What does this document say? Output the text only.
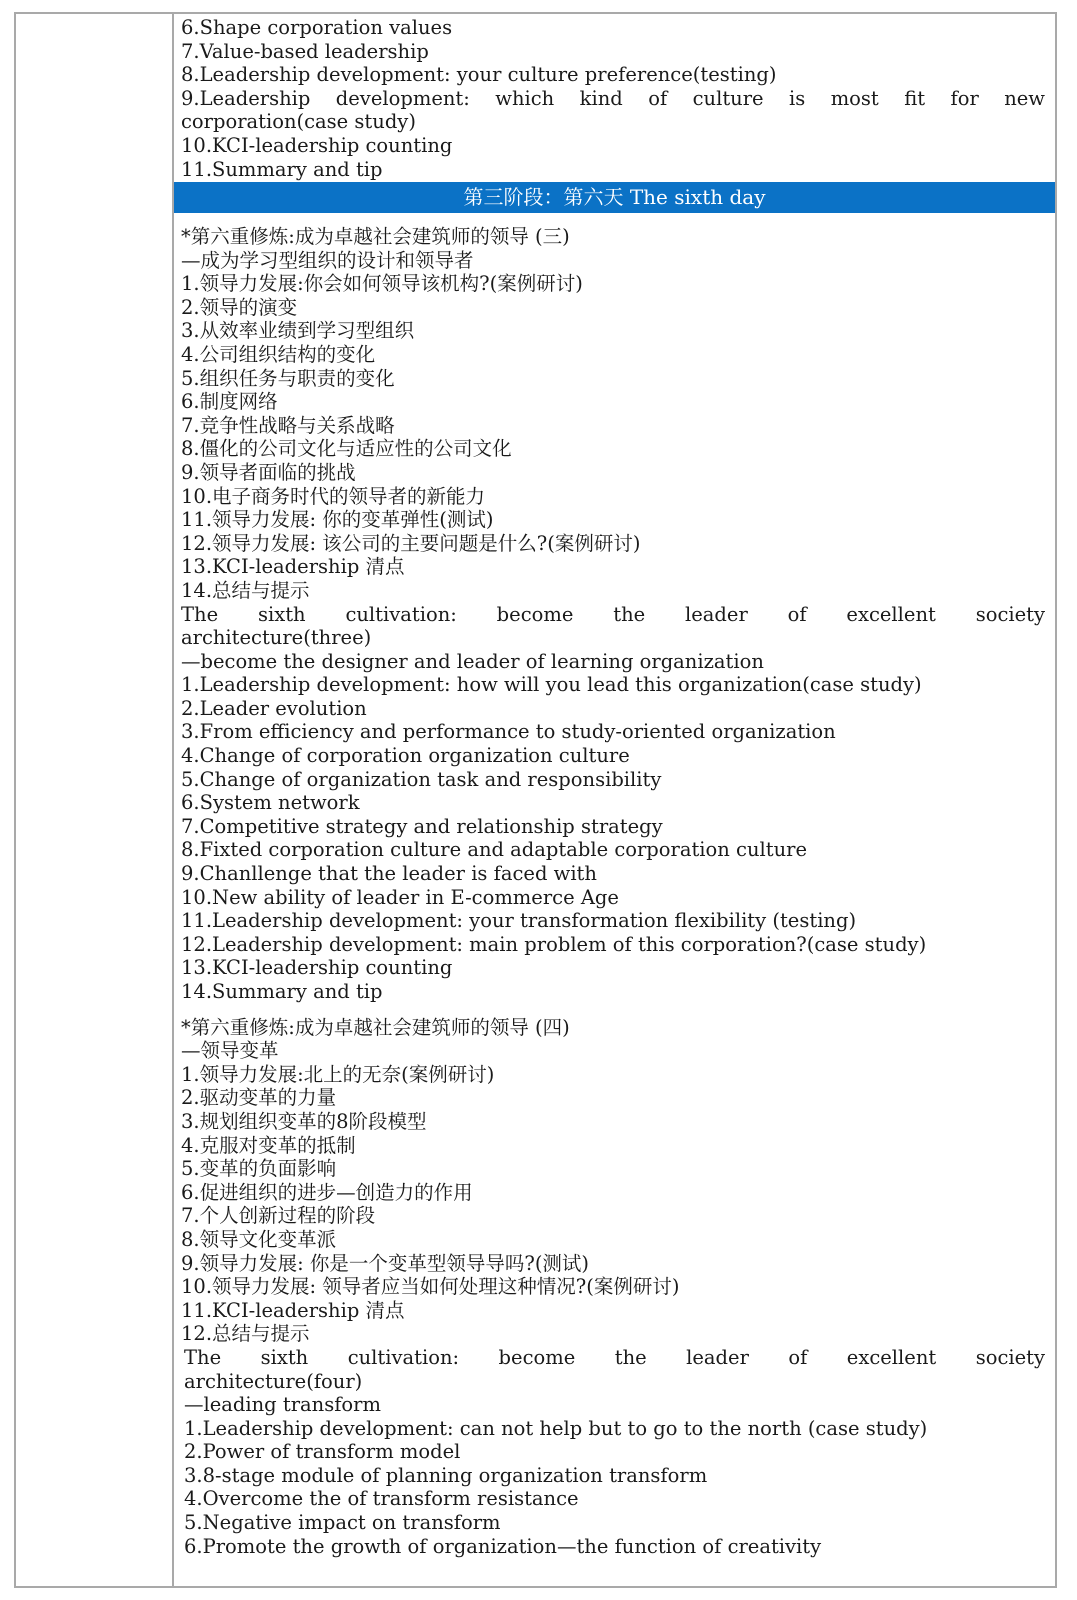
6.Shape corporation values
7.Value-based leadership
8.Leadership development: your culture preference(testing)
9.Leadership development: which kind of culture is most fit for new
corporation(case study)
10.KCI-leadership counting
11.Summary and tip
第三阶段：第六天 The sixth day
*第六重修炼:成为卓越社会建筑师的领导 (三)
—成为学习型组织的设计和领导者
1.领导力发展:你会如何领导该机构?(案例研讨)
2.领导的演变
3.从效率业绩到学习型组织
4.公司组织结构的变化
5.组织任务与职责的变化
6.制度网络
7.竞争性战略与关系战略
8.僵化的公司文化与适应性的公司文化
9.领导者面临的挑战
10.电子商务时代的领导者的新能力
11.领导力发展: 你的变革弹性(测试)
12.领导力发展: 该公司的主要问题是什么?(案例研讨)
13.KCI-leadership 清点
14.总结与提示
The sixth cultivation: become the leader of excellent society
architecture(three)
—become the designer and leader of learning organization
1.Leadership development: how will you lead this organization(case study)
2.Leader evolution
3.From efficiency and performance to study-oriented organization
4.Change of corporation organization culture
5.Change of organization task and responsibility
6.System network
7.Competitive strategy and relationship strategy
8.Fixted corporation culture and adaptable corporation culture
9.Chanllenge that the leader is faced with
10.New ability of leader in E-commerce Age
11.Leadership development: your transformation flexibility (testing)
12.Leadership development: main problem of this corporation?(case study)
13.KCI-leadership counting
14.Summary and tip
*第六重修炼:成为卓越社会建筑师的领导 (四)
—领导变革
1.领导力发展:北上的无奈(案例研讨)
2.驱动变革的力量
3.规划组织变革的8阶段模型
4.克服对变革的抵制
5.变革的负面影响
6.促进组织的进步—创造力的作用
7.个人创新过程的阶段
8.领导文化变革派
9.领导力发展: 你是一个变革型领导导吗?(测试)
10.领导力发展: 领导者应当如何处理这种情况?(案例研讨)
11.KCI-leadership 清点
12.总结与提示
The sixth cultivation: become the leader of excellent society
architecture(four)
—leading transform
1.Leadership development: can not help but to go to the north (case study)
2.Power of transform model
3.8-stage module of planning organization transform
4.Overcome the of transform resistance
5.Negative impact on transform
6.Promote the growth of organization—the function of creativity
